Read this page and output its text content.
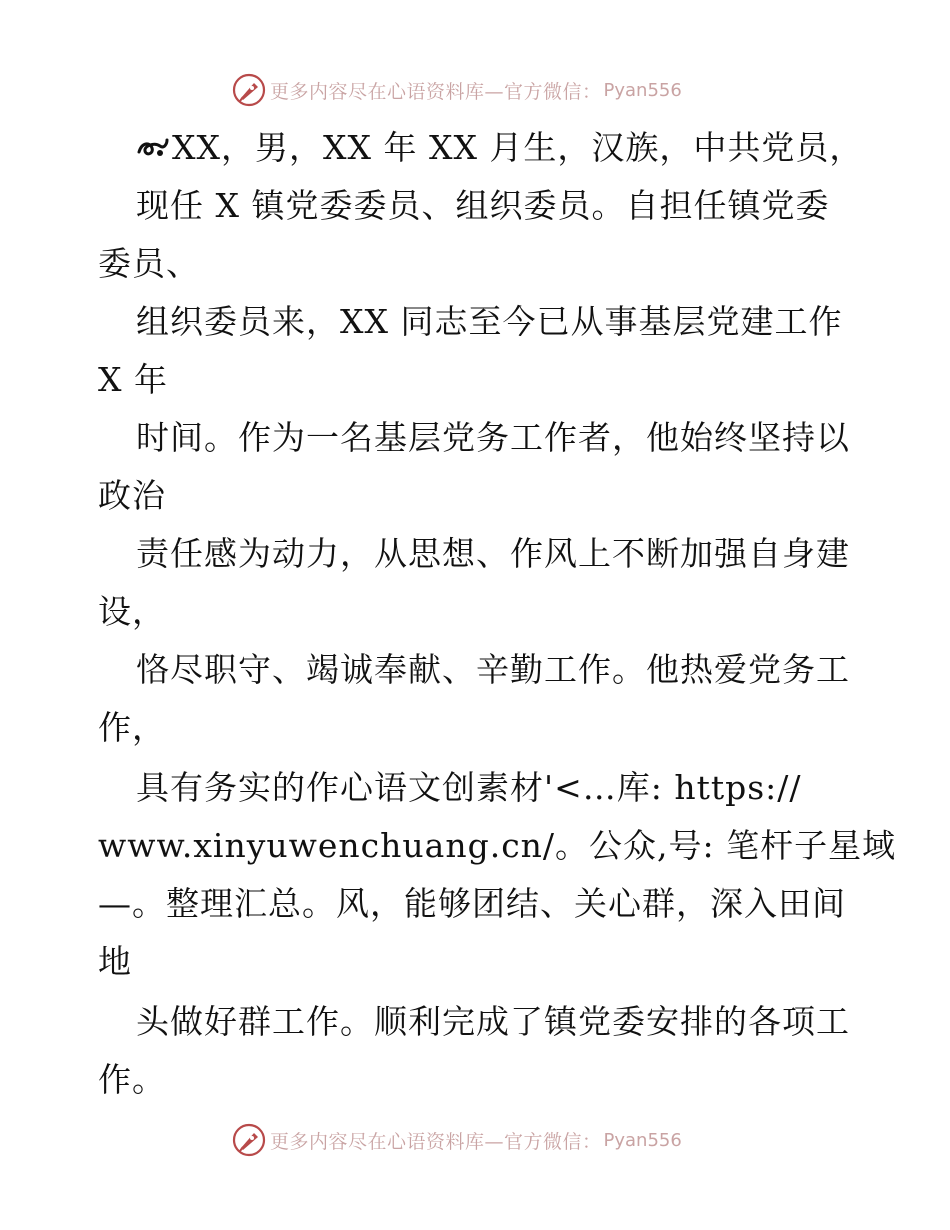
更多内容尽在心语资料库—官方微信： Pyan556
XX，男，XX 年 XX 月生，汉族，中共党员，
现任 X 镇党委委员、组织委员。自担任镇党委
委员、
组织委员来，XX 同志至今已从事基层党建工作
X 年
时间。作为一名基层党务工作者，他始终坚持以
政治
责任感为动力，从思想、作风上不断加强自身建
设，
恪尽职守、竭诚奉献、辛勤工作。他热爱党务工
作，
具有务实的作心语文创素材'<…库: https://
www.xinyuwenchuang.cn/。公众,号: 笔杆子星域
—。整理汇总。风，能够团结、关心群，深入田间
地
头做好群工作。顺利完成了镇党委安排的各项工
作。
更多内容尽在心语资料库—官方微信： Pyan556
